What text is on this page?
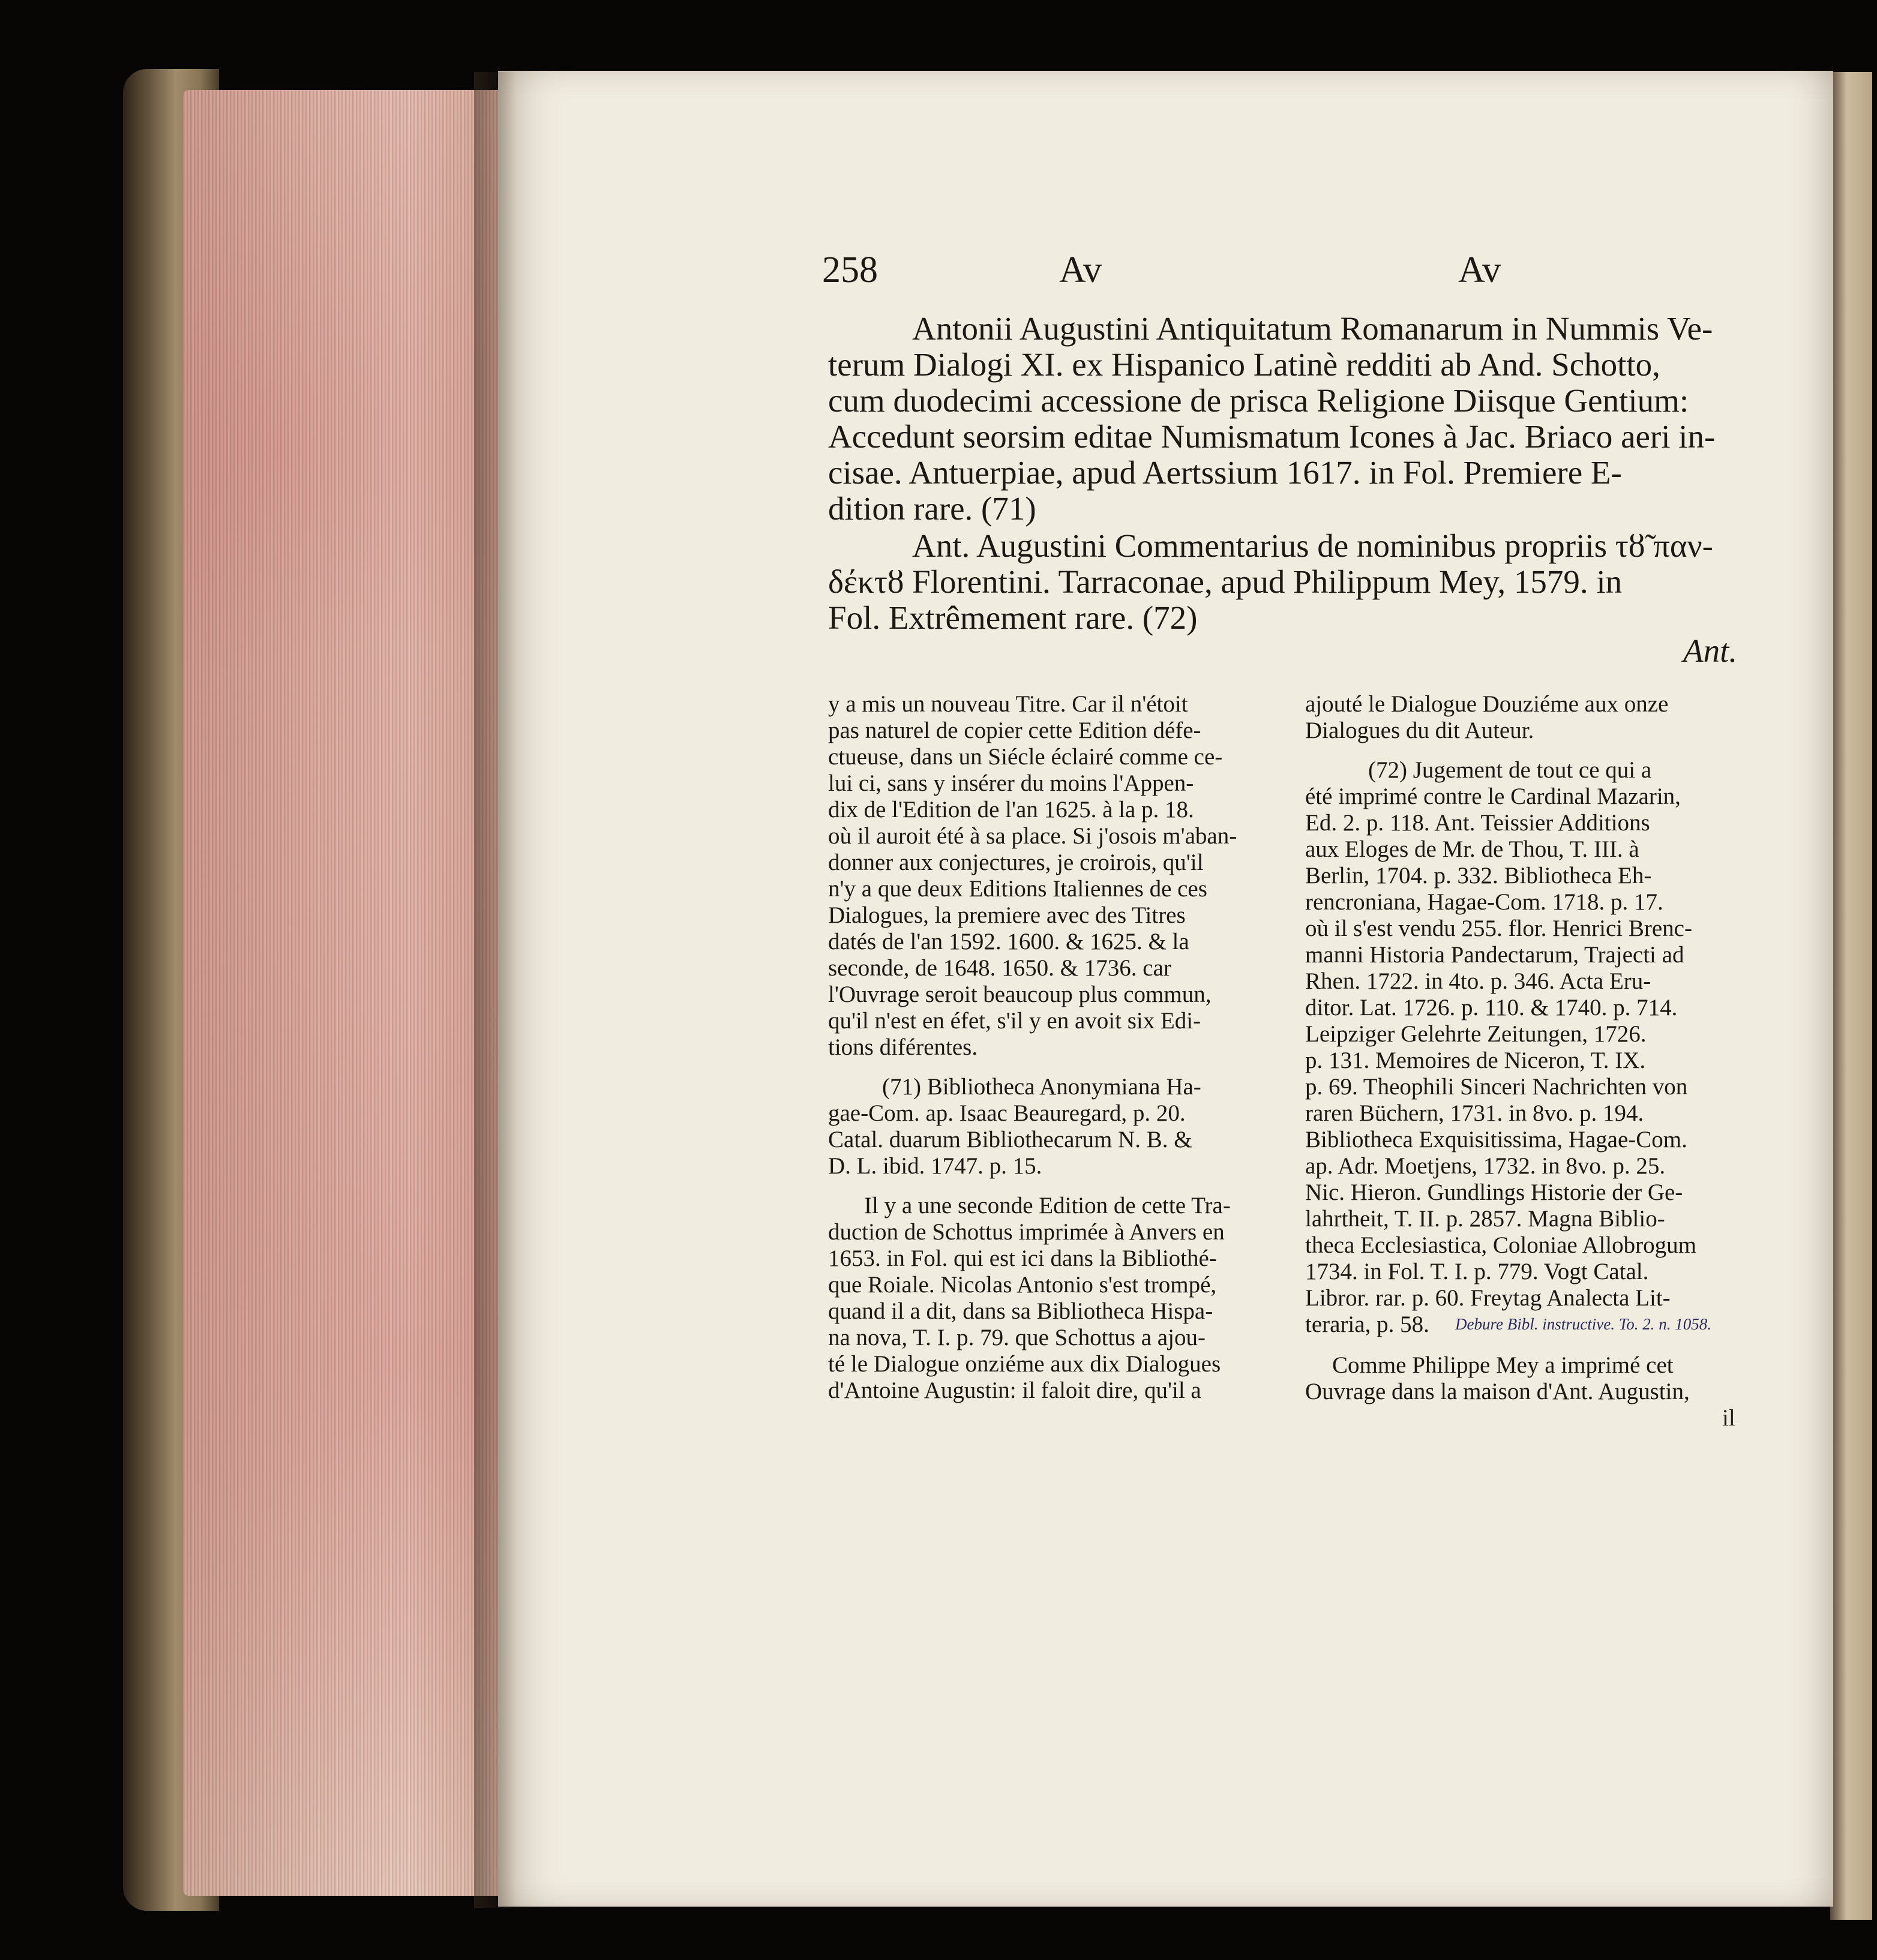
258	Av	Av
Antonii Augustini Antiquitatum Romanarum in Nummis Ve-
terum Dialogi XI. ex Hispanico Latinè redditi ab And. Schotto,
cum duodecimi accessione de prisca Religione Diisque Gentium:
Accedunt seorsim editae Numismatum Icones à Jac. Briaco aeri in-
cisae. Antuerpiae, apud Aertssium 1617. in Fol. Premiere E-
dition rare. (71)
Ant. Augustini Commentarius de nominibus propriis τȣ̃ παν-
δέκτȣ Florentini. Tarraconae, apud Philippum Mey, 1579. in
Fol. Extrêmement rare. (72)
Ant.
y a mis un nouveau Titre. Car il n'étoit
pas naturel de copier cette Edition défe-
ctueuse, dans un Siécle éclairé comme ce-
lui ci, sans y insérer du moins l'Appen-
dix de l'Edition de l'an 1625. à la p. 18.
où il auroit été à sa place. Si j'osois m'aban-
donner aux conjectures, je croirois, qu'il
n'y a que deux Editions Italiennes de ces
Dialogues, la premiere avec des Titres
datés de l'an 1592. 1600. & 1625. & la
seconde, de 1648. 1650. & 1736. car
l'Ouvrage seroit beaucoup plus commun,
qu'il n'est en éfet, s'il y en avoit six Edi-
tions diférentes.
(71) Bibliotheca Anonymiana Ha-
gae-Com. ap. Isaac Beauregard, p. 20.
Catal. duarum Bibliothecarum N. B. &
D. L. ibid. 1747. p. 15.
Il y a une seconde Edition de cette Tra-
duction de Schottus imprimée à Anvers en
1653. in Fol. qui est ici dans la Bibliothé-
que Roiale. Nicolas Antonio s'est trompé,
quand il a dit, dans sa Bibliotheca Hispa-
na nova, T. I. p. 79. que Schottus a ajou-
té le Dialogue onziéme aux dix Dialogues
d'Antoine Augustin: il faloit dire, qu'il a
ajouté le Dialogue Douziéme aux onze
Dialogues du dit Auteur.
(72) Jugement de tout ce qui a
été imprimé contre le Cardinal Mazarin,
Ed. 2. p. 118. Ant. Teissier Additions
aux Eloges de Mr. de Thou, T. III. à
Berlin, 1704. p. 332. Bibliotheca Eh-
rencroniana, Hagae-Com. 1718. p. 17.
où il s'est vendu 255. flor. Henrici Brenc-
manni Historia Pandectarum, Trajecti ad
Rhen. 1722. in 4to. p. 346. Acta Eru-
ditor. Lat. 1726. p. 110. & 1740. p. 714.
Leipziger Gelehrte Zeitungen, 1726.
p. 131. Memoires de Niceron, T. IX.
p. 69. Theophili Sinceri Nachrichten von
raren Büchern, 1731. in 8vo. p. 194.
Bibliotheca Exquisitissima, Hagae-Com.
ap. Adr. Moetjens, 1732. in 8vo. p. 25.
Nic. Hieron. Gundlings Historie der Ge-
lahrtheit, T. II. p. 2857. Magna Biblio-
theca Ecclesiastica, Coloniae Allobrogum
1734. in Fol. T. I. p. 779. Vogt Catal.
Libror. rar. p. 60. Freytag Analecta Lit-
teraria, p. 58. Debure Bibl. instructive. To. 2. n. 1058.
Comme Philippe Mey a imprimé cet
Ouvrage dans la maison d'Ant. Augustin,
il
